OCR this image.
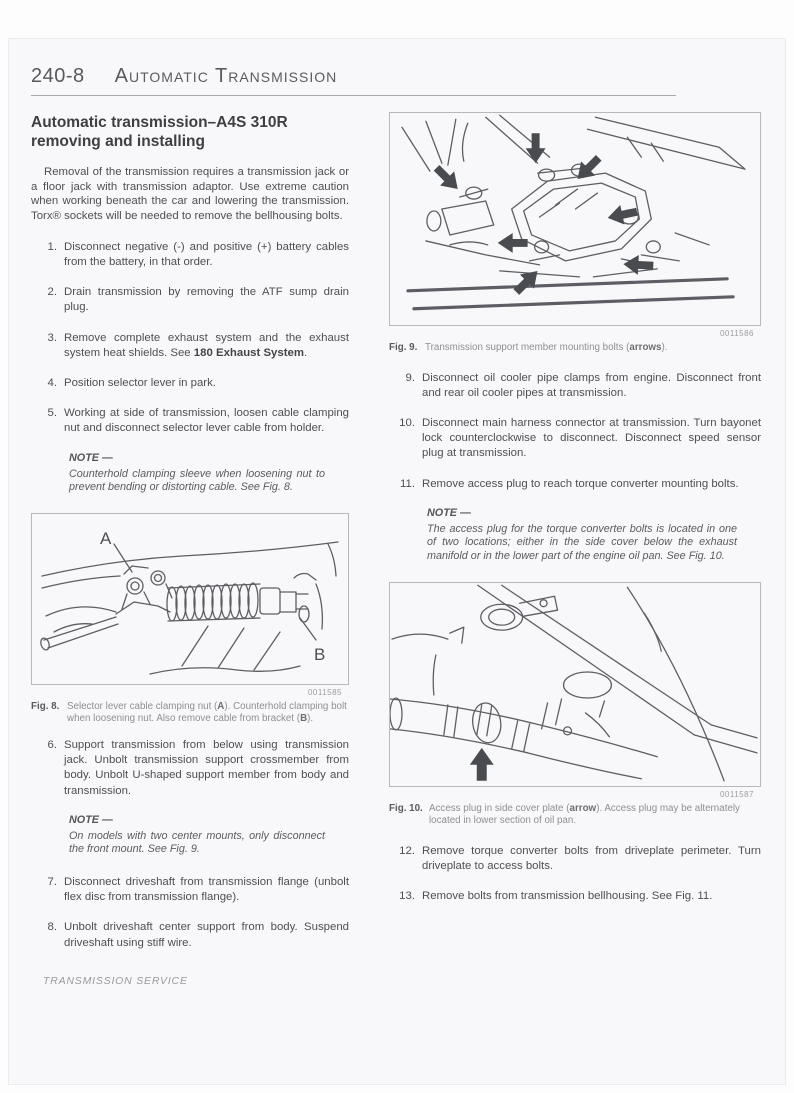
240-8 Automatic Transmission
Automatic transmission–A4S 310R
removing and installing

Removal of the transmission requires a transmission jack or a floor jack with transmission adaptor. Use extreme caution when working beneath the car and lowering the transmission. Torx® sockets will be needed to remove the bellhousing bolts.

1. Disconnect negative (-) and positive (+) battery cables from the battery, in that order.
2. Drain transmission by removing the ATF sump drain plug.
3. Remove complete exhaust system and the exhaust system heat shields. See 180 Exhaust System.
4. Position selector lever in park.
5. Working at side of transmission, loosen cable clamping nut and disconnect selector lever cable from holder.
NOTE —
Counterhold clamping sleeve when loosening nut to prevent bending or distorting cable. See Fig. 8.
A
B
0011585
Fig. 8. Selector lever cable clamping nut (A). Counterhold clamping bolt when loosening nut. Also remove cable from bracket (B).
6. Support transmission from below using transmission jack. Unbolt transmission support crossmember from body. Unbolt U-shaped support member from body and transmission.
NOTE —
On models with two center mounts, only disconnect the front mount. See Fig. 9.
7. Disconnect driveshaft from transmission flange (unbolt flex disc from transmission flange).
8. Unbolt driveshaft center support from body. Suspend driveshaft using stiff wire.
0011586
Fig. 9. Transmission support member mounting bolts (arrows).
9. Disconnect oil cooler pipe clamps from engine. Disconnect front and rear oil cooler pipes at transmission.
10. Disconnect main harness connector at transmission. Turn bayonet lock counterclockwise to disconnect. Disconnect speed sensor plug at transmission.
11. Remove access plug to reach torque converter mounting bolts.
NOTE —
The access plug for the torque converter bolts is located in one of two locations; either in the side cover below the exhaust manifold or in the lower part of the engine oil pan. See Fig. 10.
0011587
Fig. 10. Access plug in side cover plate (arrow). Access plug may be alternately located in lower section of oil pan.
12. Remove torque converter bolts from driveplate perimeter. Turn driveplate to access bolts.
13. Remove bolts from transmission bellhousing. See Fig. 11.
TRANSMISSION SERVICE
